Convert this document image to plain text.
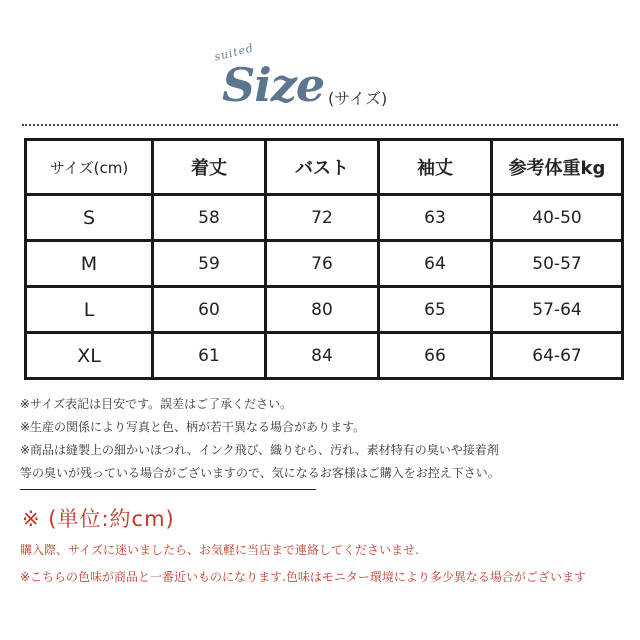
suited
Size (サイズ)
サイズ(cm)	着丈	バスト	袖丈	参考体重kg
S	58	72	63	40-50
M	59	76	64	50-57
L	60	80	65	57-64
XL	61	84	66	64-67
※サイズ表記は目安です。誤差はご了承ください。
※生産の関係により写真と色、柄が若干異なる場合があります。
※商品は縫製上の細かいほつれ、インク飛び、織りむら、汚れ、素材特有の臭いや接着剤
等の臭いが残っている場合がございますので、気になるお客様はご購入をお控え下さい。
※ (単位:約cm)
購入際、サイズに迷いましたら、お気軽に当店まで連絡してくださいませ.
※こちらの色味が商品と一番近いものになります.色味はモニター環境により多少異なる場合がございます
